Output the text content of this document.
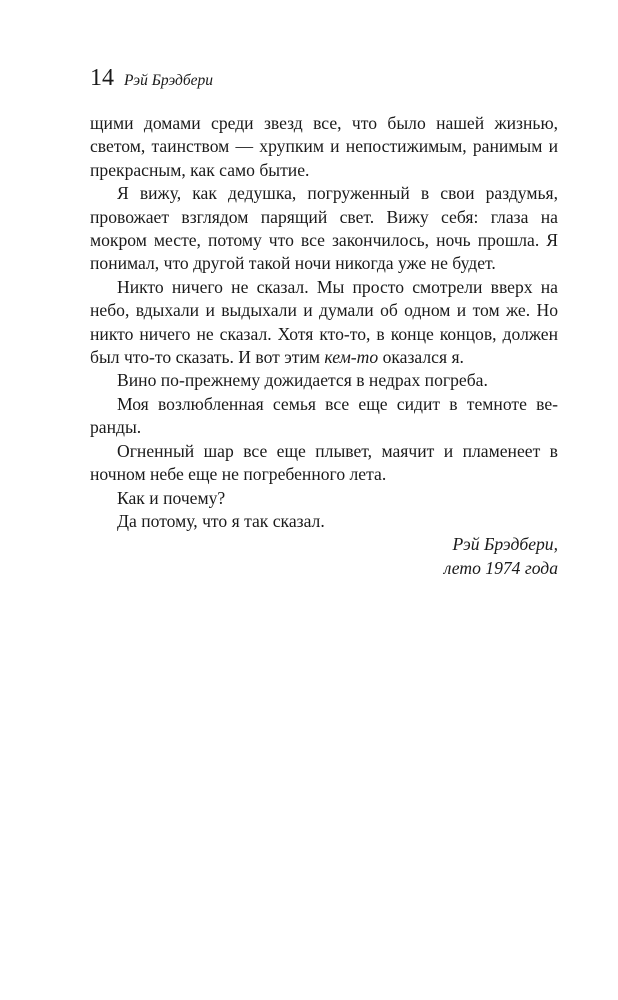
14 Рэй Брэдбери

щими домами среди звезд все, что было нашей жизнью, светом, таинством — хрупким и непостижимым, ранимым и прекрасным, как само бытие.

Я вижу, как дедушка, погруженный в свои раздумья, провожает взглядом парящий свет. Вижу себя: глаза на мокром месте, потому что все закончилось, ночь прошла. Я понимал, что другой такой ночи никогда уже не будет.

Никто ничего не сказал. Мы просто смотрели вверх на небо, вдыхали и выдыхали и думали об одном и том же. Но никто ничего не сказал. Хотя кто-то, в конце концов, должен был что-то сказать. И вот этим кем-то оказался я.

Вино по-прежнему дожидается в недрах погреба.

Моя возлюбленная семья все еще сидит в темноте веранды.

Огненный шар все еще плывет, маячит и пламенеет в ночном небе еще не погребенного лета.

Как и почему?

Да потому, что я так сказал.

Рэй Брэдбери,
лето 1974 года
